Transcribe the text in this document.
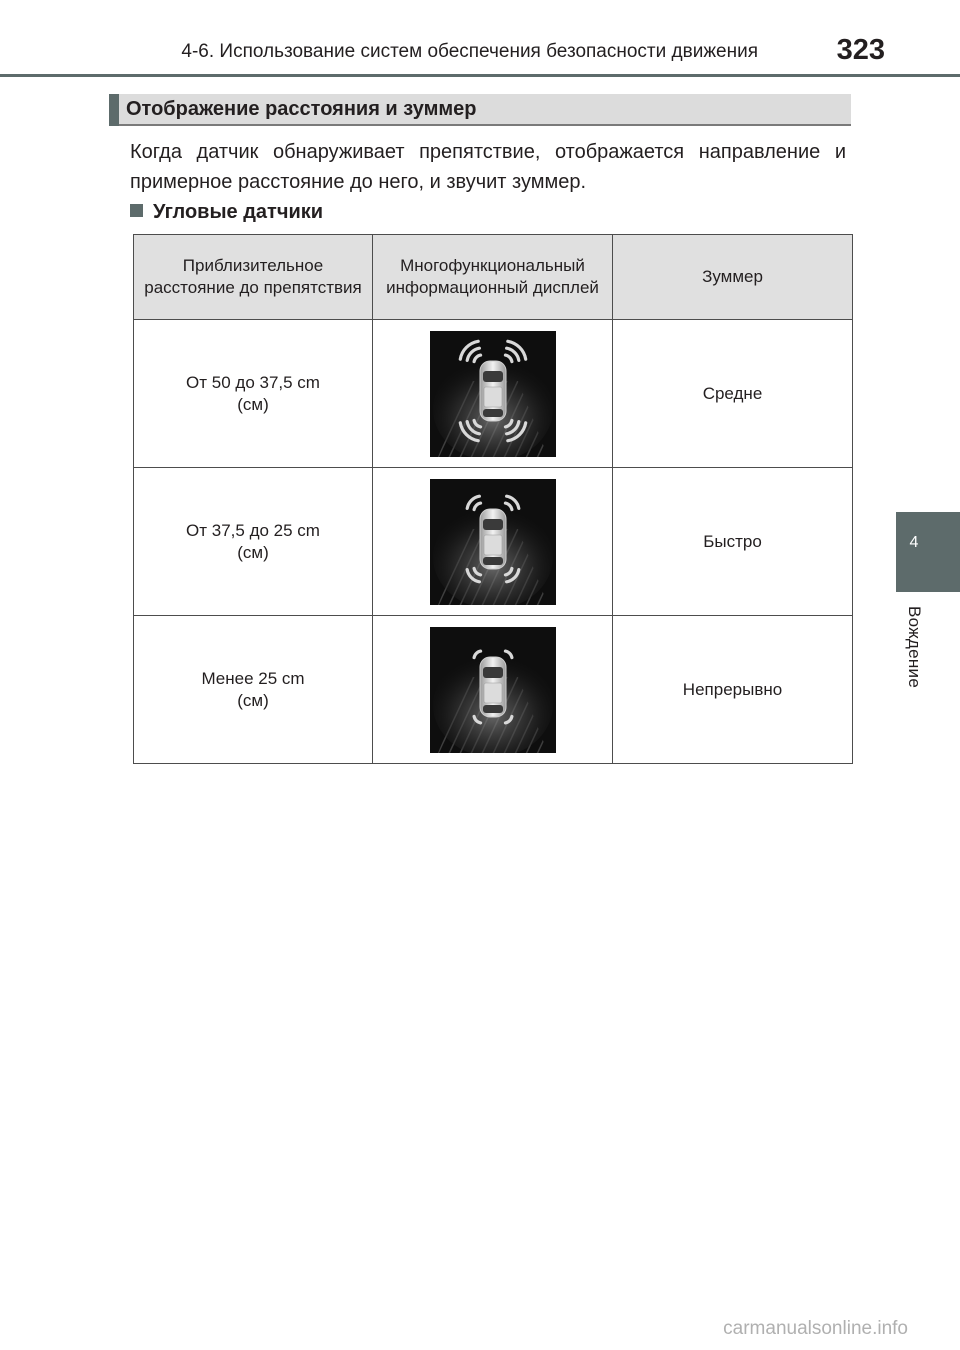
4-6. Использование систем обеспечения безопасности движения	323
4
Вождение
Отображение расстояния и зуммер
Когда датчик обнаруживает препятствие, отображается направление и примерное расстояние до него, и звучит зуммер.
Угловые датчики
Приблизительное расстояние до препятствия	Многофункциональный информационный дисплей	Зуммер

От 50 до 37,5 cm
(см)		Средне

От 37,5 до 25 cm
(см)		Быстро

Менее 25 cm
(см)		Непрерывно
carmanualsonline.info
